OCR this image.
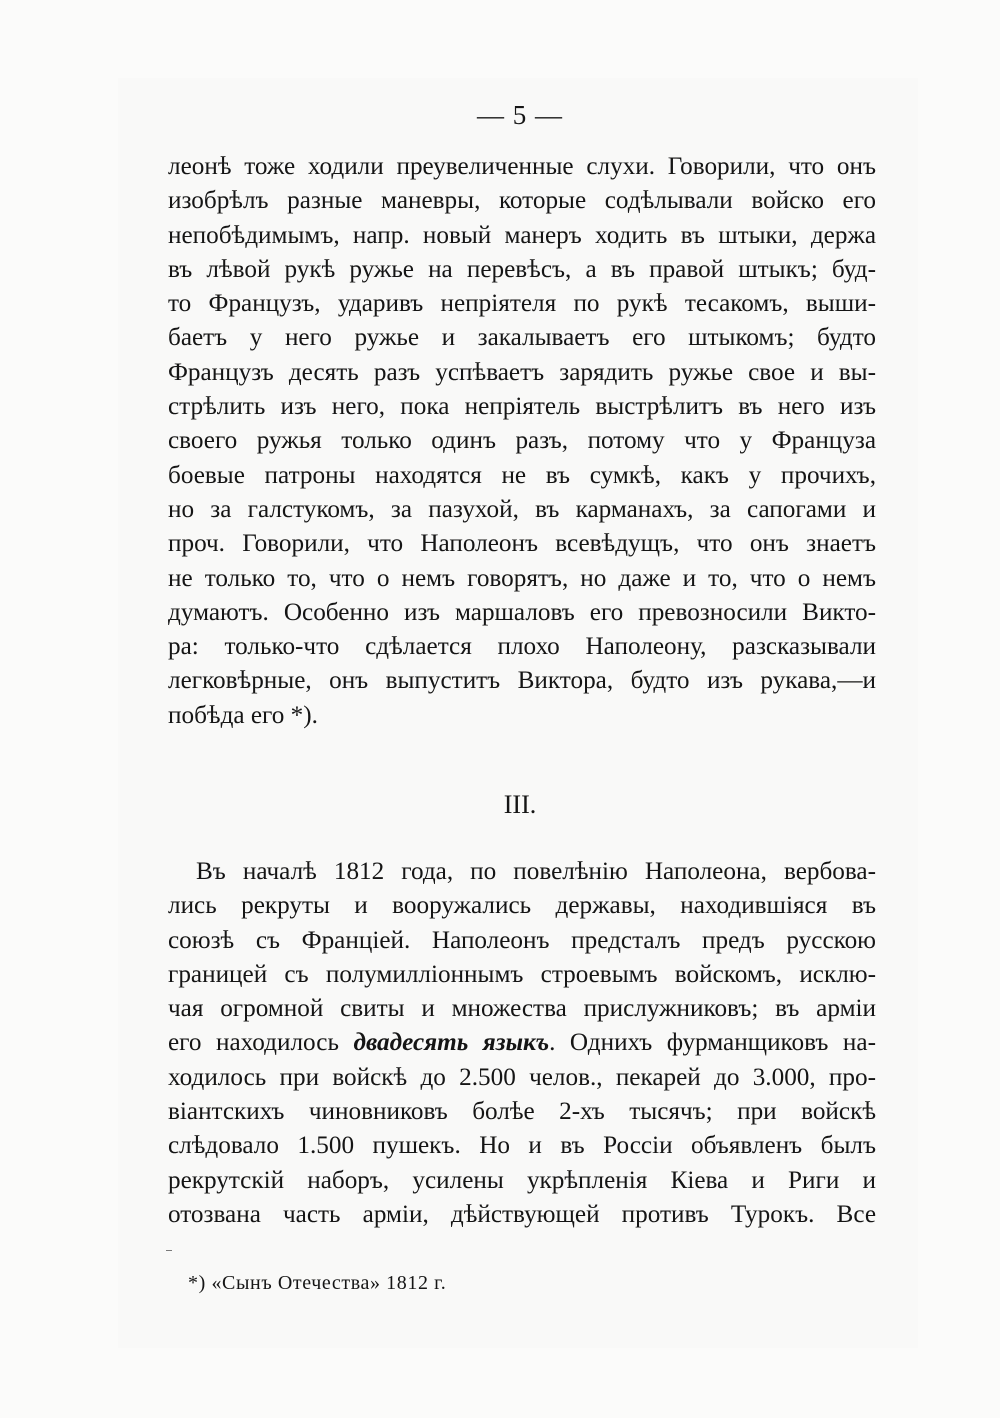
— 5 —
леонѣ тоже ходили преувеличенные слухи. Говорили, что онъ
изобрѣлъ разные маневры, которые содѣлывали войско его
непобѣдимымъ, напр. новый манеръ ходить въ штыки, держа
въ лѣвой рукѣ ружье на перевѣсъ, а въ правой штыкъ; буд-
то Французъ, ударивъ непріятеля по рукѣ тесакомъ, выши-
баетъ у него ружье и закалываетъ его штыкомъ; будто
Французъ десять разъ успѣваетъ зарядить ружье свое и вы-
стрѣлить изъ него, пока непріятель выстрѣлитъ въ него изъ
своего ружья только одинъ разъ, потому что у Француза
боевые патроны находятся не въ сумкѣ, какъ у прочихъ,
но за галстукомъ, за пазухой, въ карманахъ, за сапогами и
проч. Говорили, что Наполеонъ всевѣдущъ, что онъ знаетъ
не только то, что о немъ говорятъ, но даже и то, что о немъ
думаютъ. Особенно изъ маршаловъ его превозносили Викто-
ра: только-что сдѣлается плохо Наполеону, разсказывали
легковѣрные, онъ выпуститъ Виктора, будто изъ рукава,—и
побѣда его *).
III.
Въ началѣ 1812 года, по повелѣнію Наполеона, вербова-
лись рекруты и вооружались державы, находившіяся въ
союзѣ съ Франціей. Наполеонъ предсталъ предъ русскою
границей съ полумилліоннымъ строевымъ войскомъ, исклю-
чая огромной свиты и множества прислужниковъ; въ арміи
его находилось двадесять языкъ. Однихъ фурманщиковъ на-
ходилось при войскѣ до 2.500 челов., пекарей до 3.000, про-
віантскихъ чиновниковъ болѣе 2-хъ тысячъ; при войскѣ
слѣдовало 1.500 пушекъ. Но и въ Россіи объявленъ былъ
рекрутскій наборъ, усилены укрѣпленія Кіева и Риги и
отозвана часть арміи, дѣйствующей противъ Турокъ. Все
*) «Сынъ Отечества» 1812 г.
